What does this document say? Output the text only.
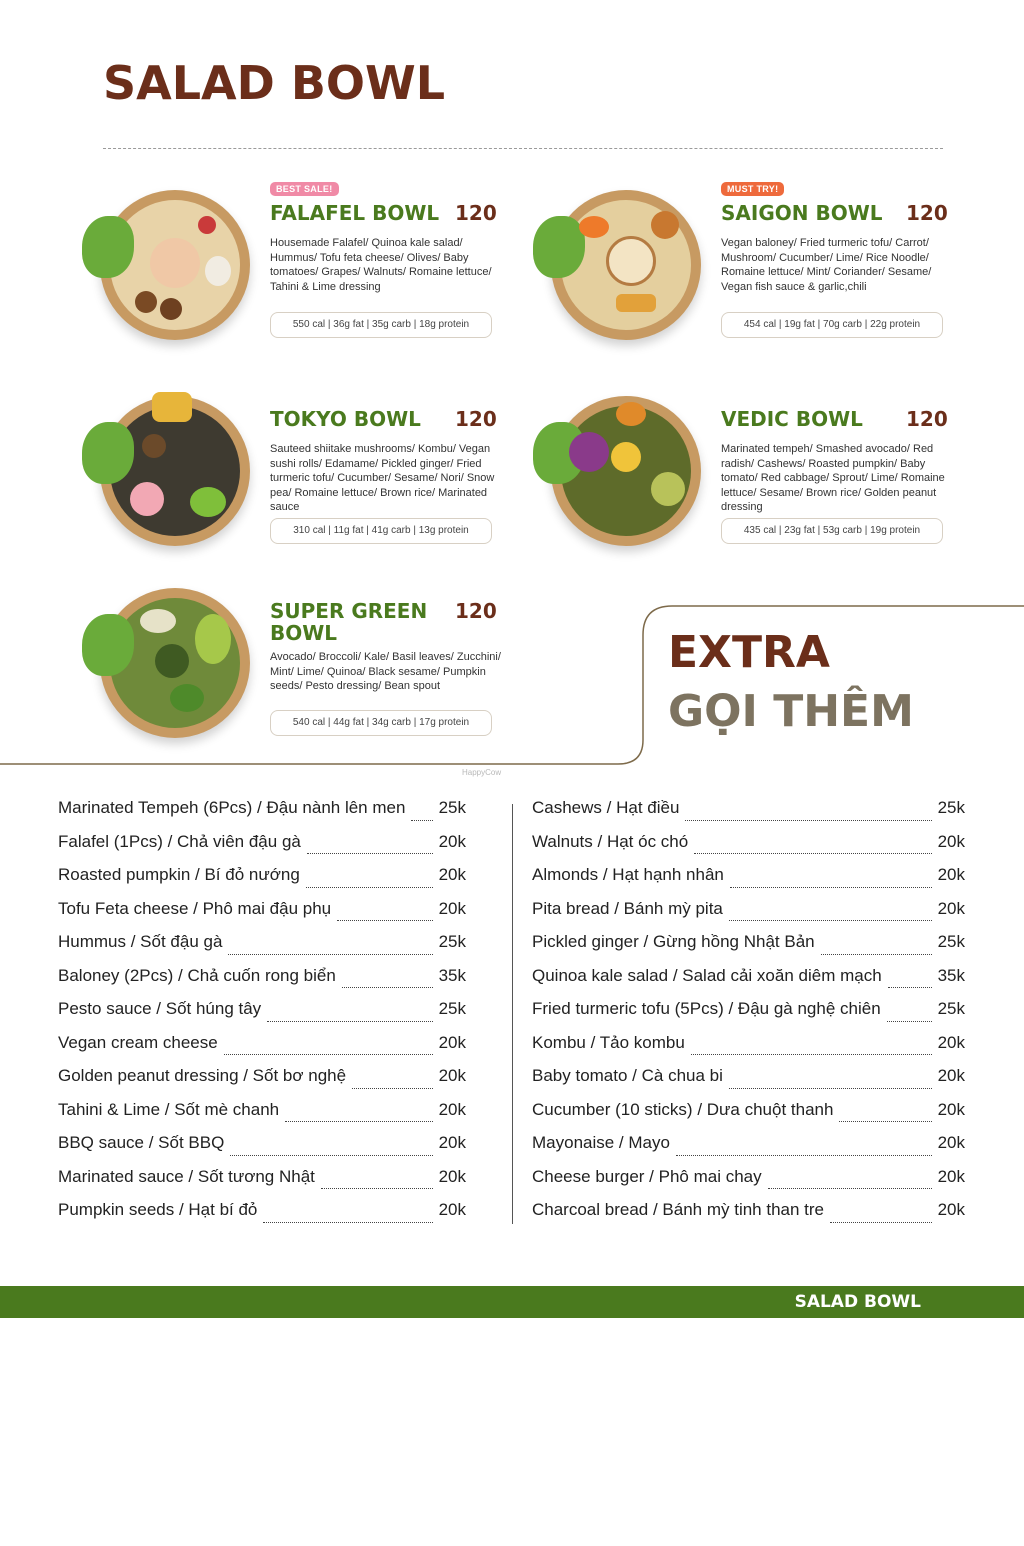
SALAD BOWL
BEST SALE!
FALAFEL BOWL 120
Housemade Falafel/ Quinoa kale salad/ Hummus/ Tofu feta cheese/ Olives/ Baby tomatoes/ Grapes/ Walnuts/ Romaine lettuce/ Tahini & Lime dressing
550 cal | 36g fat | 35g carb | 18g protein
MUST TRY!
SAIGON BOWL	120
Vegan baloney/ Fried turmeric tofu/ Carrot/ Mushroom/ Cucumber/ Lime/ Rice Noodle/ Romaine lettuce/ Mint/ Coriander/ Sesame/ Vegan fish sauce & garlic,chili
454 cal | 19g fat | 70g carb | 22g protein
TOKYO BOWL	120
Sauteed shiitake mushrooms/ Kombu/ Vegan sushi rolls/ Edamame/ Pickled ginger/ Fried turmeric tofu/ Cucumber/ Sesame/ Nori/ Snow pea/ Romaine lettuce/ Brown rice/ Marinated sauce
310 cal | 11g fat | 41g carb | 13g protein
VEDIC BOWL	120
Marinated tempeh/ Smashed avocado/ Red radish/ Cashews/ Roasted pumpkin/ Baby tomato/ Red cabbage/ Sprout/ Lime/ Romaine lettuce/ Sesame/ Brown rice/ Golden peanut dressing
435 cal | 23g fat | 53g carb | 19g protein
SUPER GREEN BOWL
120
Avocado/ Broccoli/ Kale/ Basil leaves/ Zucchini/ Mint/ Lime/ Quinoa/ Black sesame/ Pumpkin seeds/ Pesto dressing/ Bean spout
540 cal | 44g fat | 34g carb | 17g protein
EXTRA
GỌI THÊM
HappyCow
Marinated Tempeh (6Pcs) / Đậu nành lên men 25k
Falafel (1Pcs) / Chả viên đậu gà	20k
Roasted pumpkin / Bí đỏ nướng	20k
Tofu Feta cheese / Phô mai đậu phụ	20k
Hummus / Sốt đậu gà	25k
Baloney (2Pcs) / Chả cuốn rong biển	35k
Pesto sauce / Sốt húng tây	25k
Vegan cream cheese	20k
Golden peanut dressing / Sốt bơ nghệ	20k
Tahini & Lime / Sốt mè chanh	20k
BBQ sauce / Sốt BBQ	20k
Marinated sauce / Sốt tương Nhật	20k
Pumpkin seeds / Hạt bí đỏ	20k
Cashews / Hạt điều	25k
Walnuts / Hạt óc chó	20k
Almonds / Hạt hạnh nhân	20k
Pita bread / Bánh mỳ pita	20k
Pickled ginger / Gừng hồng Nhật Bản	25k
Quinoa kale salad / Salad cải xoăn diêm mạch	35k
Fried turmeric tofu (5Pcs) / Đậu gà nghệ chiên	25k
Kombu / Tảo kombu	20k
Baby tomato / Cà chua bi	20k
Cucumber (10 sticks) / Dưa chuột thanh	20k
Mayonaise / Mayo	20k
Cheese burger / Phô mai chay	20k
Charcoal bread / Bánh mỳ tinh than tre	20k
SALAD BOWL
